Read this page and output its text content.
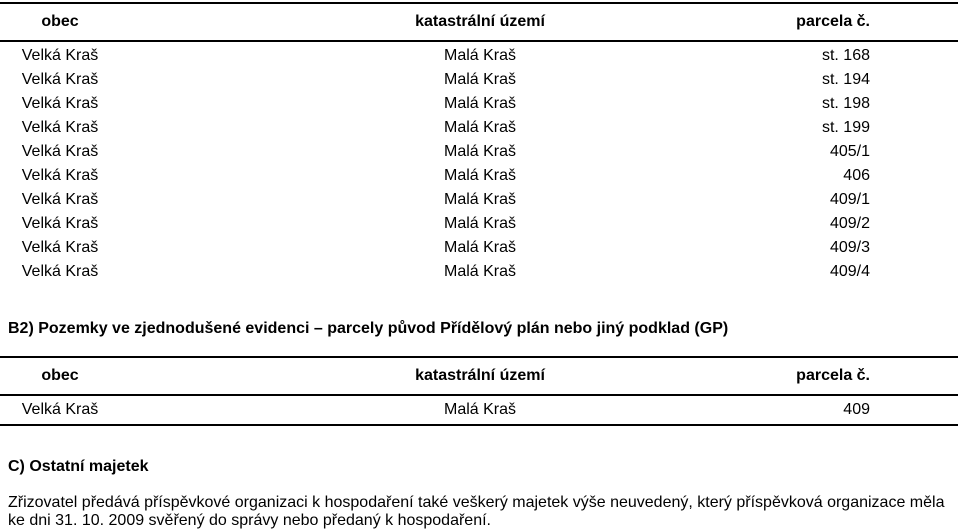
obec	katastrální území	parcela č.
Velká Kraš	Malá Kraš	st. 168
Velká Kraš	Malá Kraš	st. 194
Velká Kraš	Malá Kraš	st. 198
Velká Kraš	Malá Kraš	st. 199
Velká Kraš	Malá Kraš	405/1
Velká Kraš	Malá Kraš	406
Velká Kraš	Malá Kraš	409/1
Velká Kraš	Malá Kraš	409/2
Velká Kraš	Malá Kraš	409/3
Velká Kraš	Malá Kraš	409/4
B2) Pozemky ve zjednodušené evidenci – parcely původ Přídělový plán nebo jiný podklad (GP)
obec	katastrální území	parcela č.
Velká Kraš	Malá Kraš	409
C) Ostatní majetek
Zřizovatel předává příspěvkové organizaci k hospodaření také veškerý majetek výše neuvedený, který příspěvková organizace měla ke dni 31. 10. 2009 svěřený do správy nebo předaný k hospodaření.
